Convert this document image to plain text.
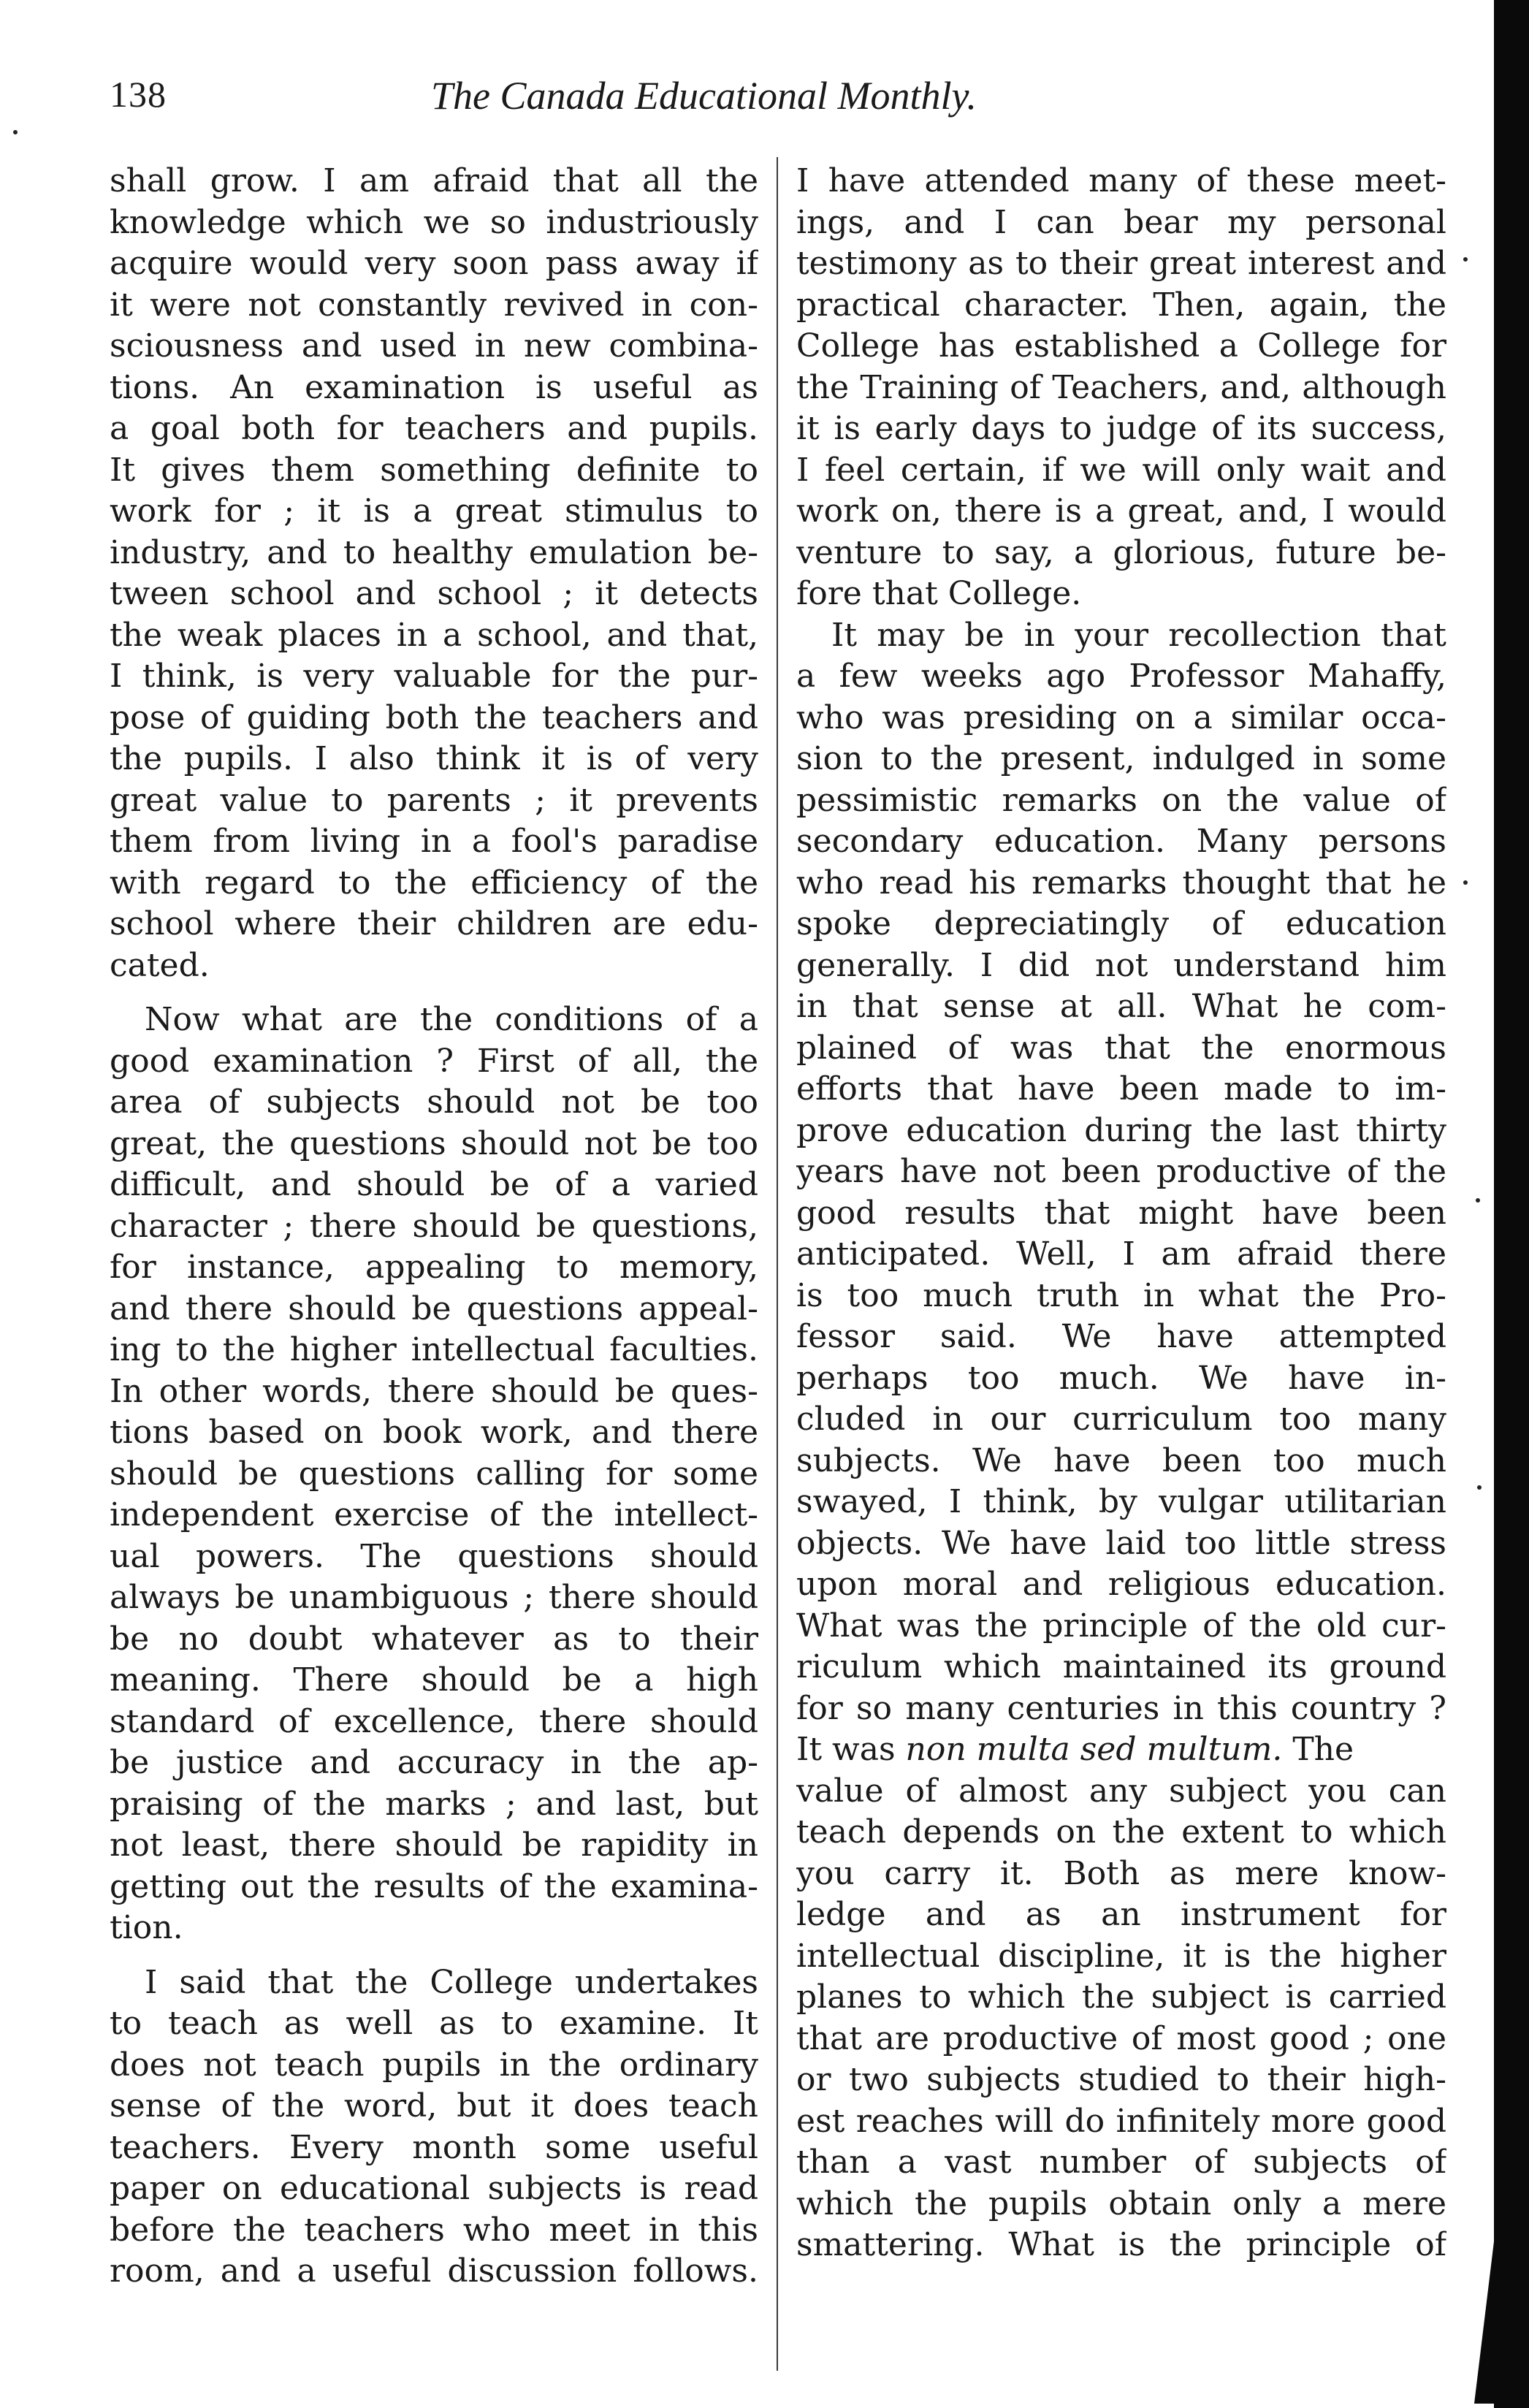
138	The Canada Educational Monthly.
shall grow. I am afraid that all the
knowledge which we so industriously
acquire would very soon pass away if
it were not constantly revived in con-
sciousness and used in new combina-
tions. An examination is useful as
a goal both for teachers and pupils.
It gives them something definite to
work for ; it is a great stimulus to
industry, and to healthy emulation be-
tween school and school ; it detects
the weak places in a school, and that,
I think, is very valuable for the pur-
pose of guiding both the teachers and
the pupils. I also think it is of very
great value to parents ; it prevents
them from living in a fool's paradise
with regard to the efficiency of the
school where their children are edu-
cated.
Now what are the conditions of a
good examination ? First of all, the
area of subjects should not be too
great, the questions should not be too
difficult, and should be of a varied
character ; there should be questions,
for instance, appealing to memory,
and there should be questions appeal-
ing to the higher intellectual faculties.
In other words, there should be ques-
tions based on book work, and there
should be questions calling for some
independent exercise of the intellect-
ual powers. The questions should
always be unambiguous ; there should
be no doubt whatever as to their
meaning. There should be a high
standard of excellence, there should
be justice and accuracy in the ap-
praising of the marks ; and last, but
not least, there should be rapidity in
getting out the results of the examina-
tion.
I said that the College undertakes
to teach as well as to examine. It
does not teach pupils in the ordinary
sense of the word, but it does teach
teachers. Every month some useful
paper on educational subjects is read
before the teachers who meet in this
room, and a useful discussion follows.
I have attended many of these meet-
ings, and I can bear my personal
testimony as to their great interest and
practical character. Then, again, the
College has established a College for
the Training of Teachers, and, although
it is early days to judge of its success,
I feel certain, if we will only wait and
work on, there is a great, and, I would
venture to say, a glorious, future be-
fore that College.
It may be in your recollection that
a few weeks ago Professor Mahaffy,
who was presiding on a similar occa-
sion to the present, indulged in some
pessimistic remarks on the value of
secondary education. Many persons
who read his remarks thought that he
spoke depreciatingly of education
generally. I did not understand him
in that sense at all. What he com-
plained of was that the enormous
efforts that have been made to im-
prove education during the last thirty
years have not been productive of the
good results that might have been
anticipated. Well, I am afraid there
is too much truth in what the Pro-
fessor said. We have attempted
perhaps too much. We have in-
cluded in our curriculum too many
subjects. We have been too much
swayed, I think, by vulgar utilitarian
objects. We have laid too little stress
upon moral and religious education.
What was the principle of the old cur-
riculum which maintained its ground
for so many centuries in this country ?
It was non multa sed multum. The
value of almost any subject you can
teach depends on the extent to which
you carry it. Both as mere know-
ledge and as an instrument for
intellectual discipline, it is the higher
planes to which the subject is carried
that are productive of most good ; one
or two subjects studied to their high-
est reaches will do infinitely more good
than a vast number of subjects of
which the pupils obtain only a mere
smattering. What is the principle of
